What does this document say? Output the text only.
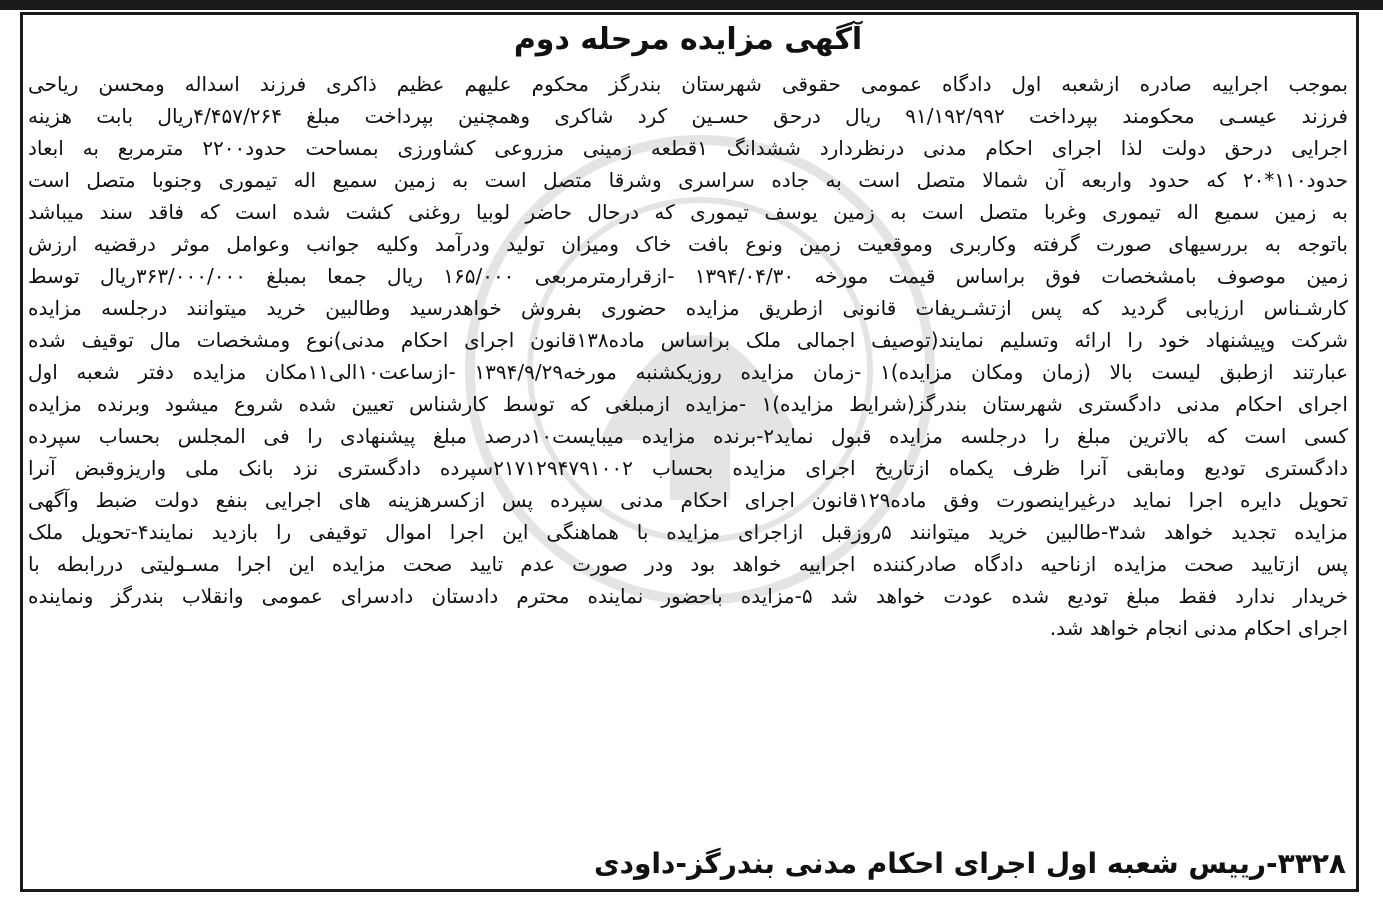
آگهی مزایده مرحله دوم
بموجب اجراییه صادره ازشعبه اول دادگاه عمومی حقوقی شهرستان بندرگز محکوم علیهم عظیم ذاکری فرزند اسداله ومحسن ریاحی
فرزند عیسـی محکومند بپرداخت ۹۱/۱۹۲/۹۹۲ ریال درحق حسـین کرد شاکری وهمچنین بپرداخت مبلغ ۴/۴۵۷/۲۶۴ریال بابت هزینه
اجرایی درحق دولت لذا اجرای احکام مدنی درنظردارد ششدانگ ۱قطعه زمینی مزروعی کشاورزی بمساحت حدود۲۲۰۰ مترمربع به ابعاد
حدود۱۱۰*۲۰ که حدود واربعه آن شمالا متصل است به جاده سراسری وشرقا متصل است به زمین سمیع اله تیموری وجنوبا متصل است
به زمین سمیع اله تیموری وغربا متصل است به زمین یوسف تیموری که درحال حاضر لوبیا روغنی کشت شده است که فاقد سند میباشد
باتوجه به بررسیهای صورت گرفته وکاربری وموقعیت زمین ونوع بافت خاک ومیزان تولید ودرآمد وکلیه جوانب وعوامل موثر درقضیه ارزش
زمین موصوف بامشخصات فوق براساس قیمت مورخه ۱۳۹۴/۰۴/۳۰ -ازقرارمترمربعی ۱۶۵/۰۰۰ ریال جمعا بمبلغ ۳۶۳/۰۰۰/۰۰۰ریال توسط
کارشـناس ارزیابی گردید که پس ازتشـریفات قانونی ازطریق مزایده حضوری بفروش خواهدرسید وطالبین خرید میتوانند درجلسه مزایده
شرکت وپیشنهاد خود را ارائه وتسلیم نمایند(توصیف اجمالی ملک براساس ماده۱۳۸قانون اجرای احکام مدنی)نوع ومشخصات مال توقیف شده
عبارتند ازطبق لیست بالا (زمان ومکان مزایده)۱ -زمان مزایده روزیکشنبه مورخه۱۳۹۴/۹/۲۹ -ازساعت۱۰الی۱۱مکان مزایده دفتر شعبه اول
اجرای احکام مدنی دادگستری شهرستان بندرگز(شرایط مزایده)۱ -مزایده ازمبلغی که توسط کارشناس تعیین شده شروع میشود وبرنده مزایده
کسی است که بالاترین مبلغ را درجلسه مزایده قبول نماید۲-برنده مزایده میبایست۱۰درصد مبلغ پیشنهادی را فی المجلس بحساب سپرده
دادگستری تودیع ومابقی آنرا ظرف یکماه ازتاریخ اجرای مزایده بحساب ۲۱۷۱۲۹۴۷۹۱۰۰۲سپرده دادگستری نزد بانک ملی واریزوقبض آنرا
تحویل دایره اجرا نماید درغیراینصورت وفق ماده۱۲۹قانون اجرای احکام مدنی سپرده پس ازکسرهزینه های اجرایی بنفع دولت ضبط وآگهی
مزایده تجدید خواهد شد۳-طالبین خرید میتوانند ۵روزقبل ازاجرای مزایده با هماهنگی این اجرا اموال توقیفی را بازدید نمایند۴-تحویل ملک
پس ازتایید صحت مزایده ازناحیه دادگاه صادرکننده اجراییه خواهد بود ودر صورت عدم تایید صحت مزایده این اجرا مسـولیتی دررابطه با
خریدار ندارد فقط مبلغ تودیع شده عودت خواهد شد ۵-مزایده باحضور نماینده محترم دادستان دادسرای عمومی وانقلاب بندرگز ونماینده
اجرای احکام مدنی انجام خواهد شد.
۳۳۲۸-رییس شعبه اول اجرای احکام مدنی بندرگز-داودی
